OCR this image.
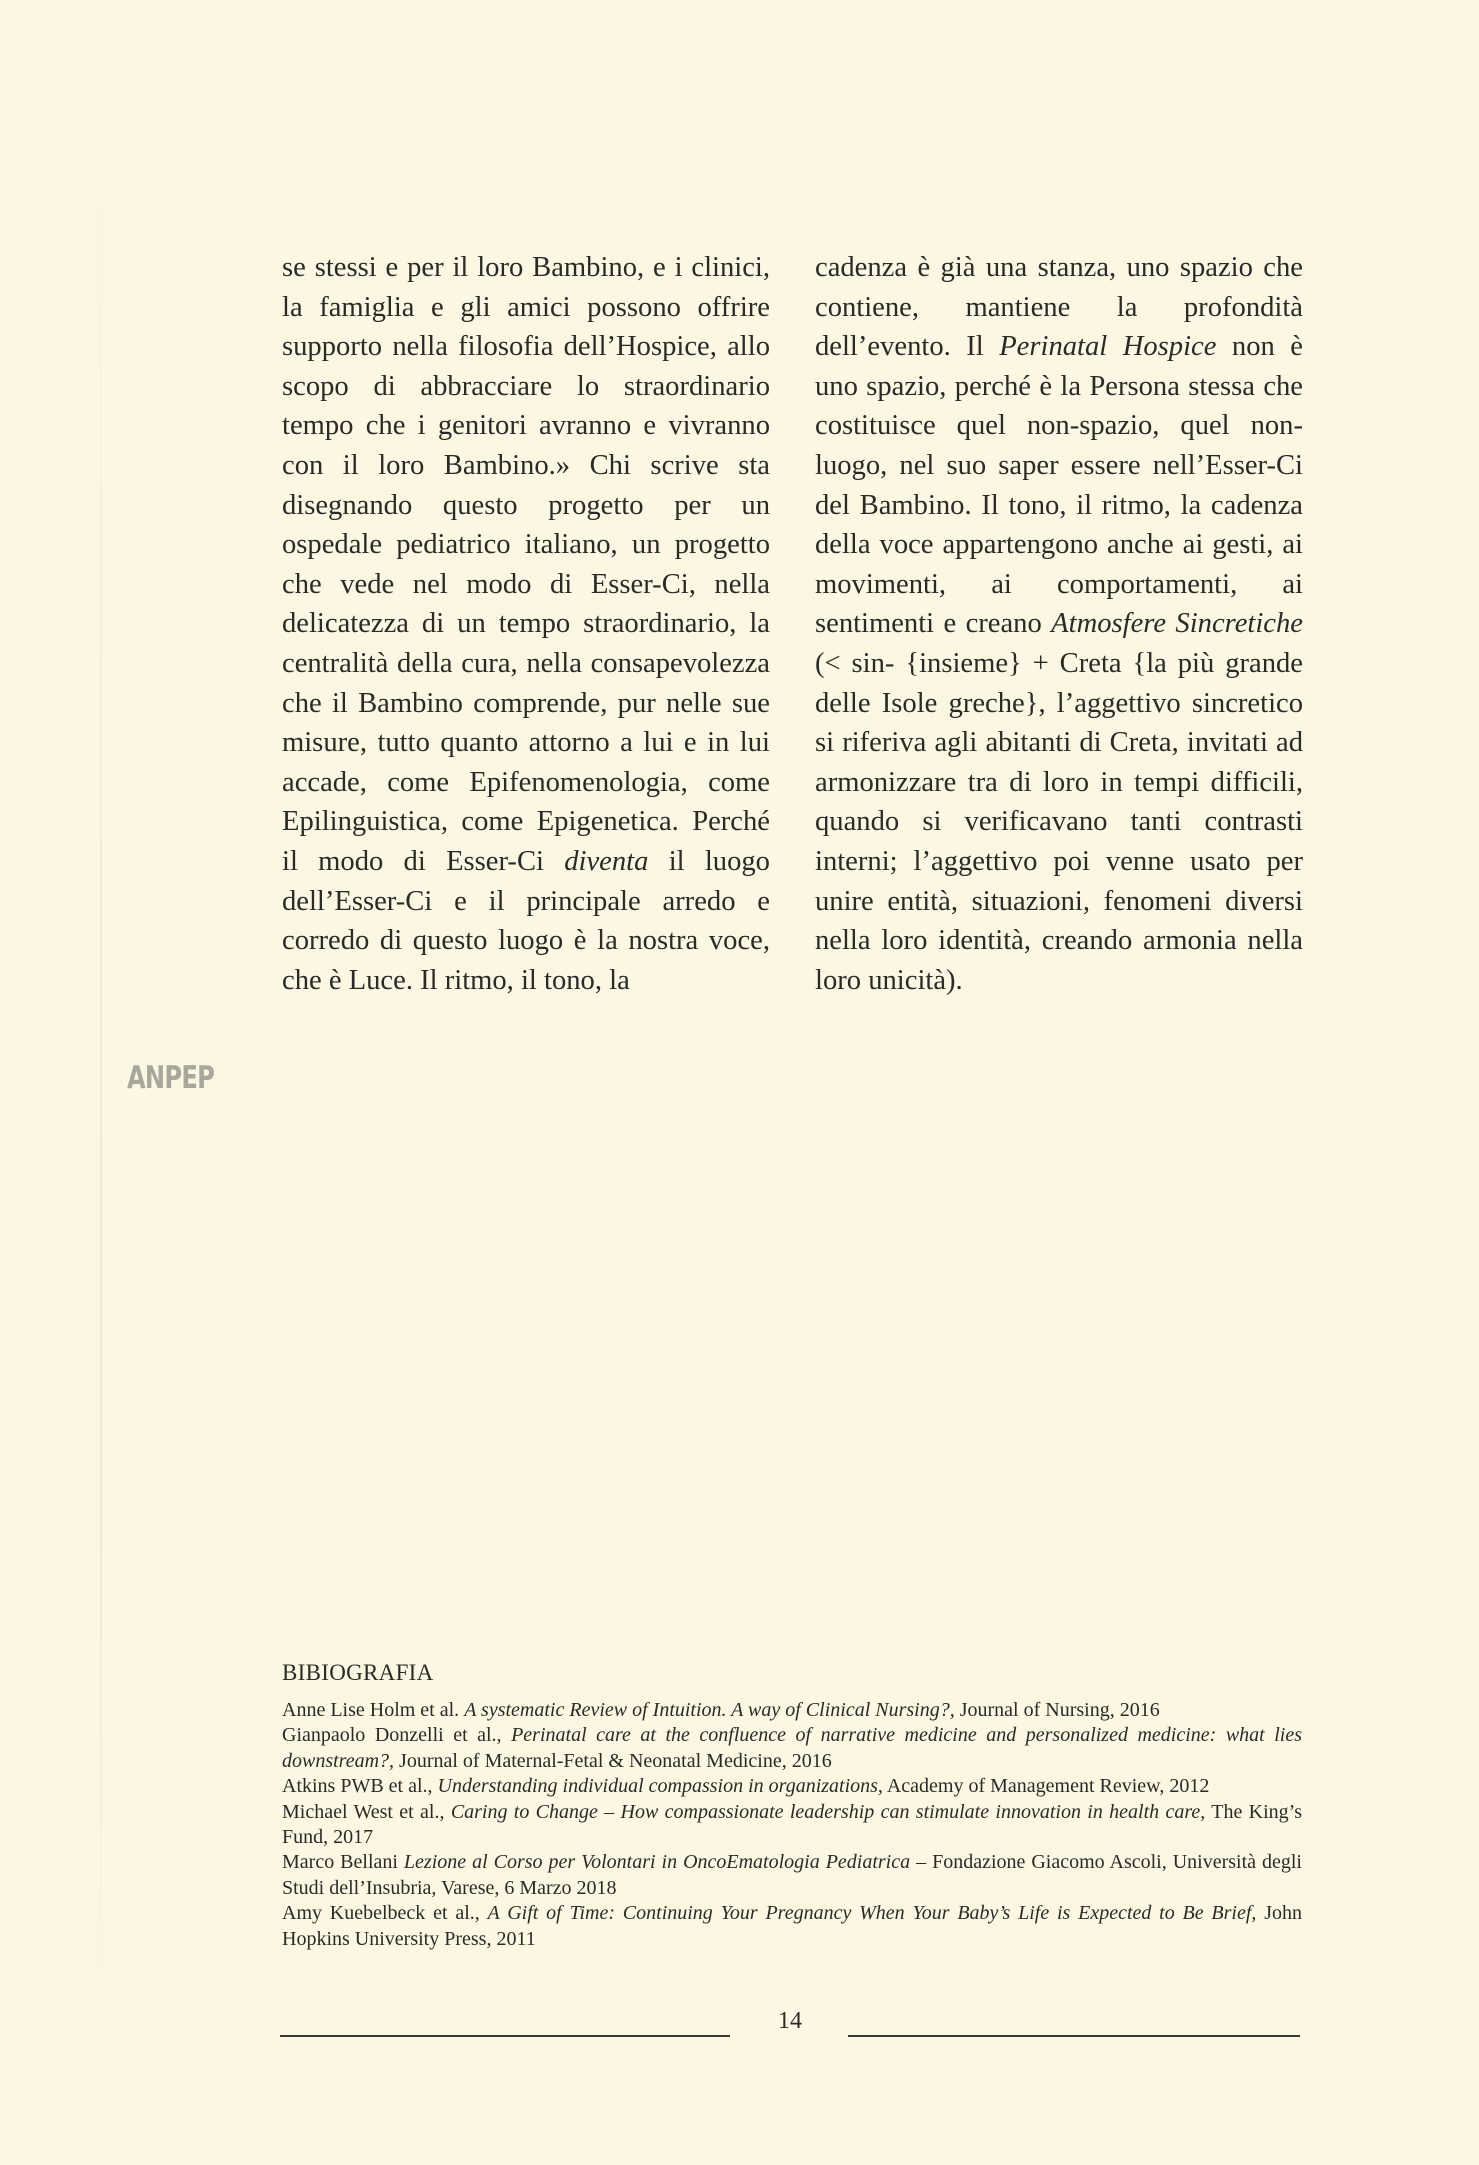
se stessi e per il loro Bambino, e i clinici, la famiglia e gli amici possono offrire supporto nella filosofia dell’Hospice, allo scopo di abbracciare lo straordinario tempo che i genitori avranno e vivranno con il loro Bambino.» Chi scrive sta disegnando questo progetto per un ospedale pediatrico italiano, un progetto che vede nel modo di Esser-Ci, nella delicatezza di un tempo straordinario, la centralità della cura, nella consapevolezza che il Bambino comprende, pur nelle sue misure, tutto quanto attorno a lui e in lui accade, come Epifenomenologia, come Epilinguistica, come Epigenetica. Perché il modo di Esser-Ci diventa il luogo dell’Esser-Ci e il principale arredo e corredo di questo luogo è la nostra voce, che è Luce. Il ritmo, il tono, la

cadenza è già una stanza, uno spazio che contiene, mantiene la profondità dell’evento. Il Perinatal Hospice non è uno spazio, perché è la Persona stessa che costituisce quel non-spazio, quel non-luogo, nel suo saper essere nell’Esser-Ci del Bambino. Il tono, il ritmo, la cadenza della voce appartengono anche ai gesti, ai movimenti, ai comportamenti, ai sentimenti e creano Atmosfere Sincretiche (< sin- {insieme} + Creta {la più grande delle Isole greche}, l’aggettivo sincretico si riferiva agli abitanti di Creta, invitati ad armonizzare tra di loro in tempi difficili, quando si verificavano tanti contrasti interni; l’aggettivo poi venne usato per unire entità, situazioni, fenomeni diversi nella loro identità, creando armonia nella loro unicità).

ANPEP
BIBIOGRAFIA

Anne Lise Holm et al. A systematic Review of Intuition. A way of Clinical Nursing?, Journal of Nursing, 2016

Gianpaolo Donzelli et al., Perinatal care at the confluence of narrative medicine and personalized medicine: what lies downstream?, Journal of Maternal-Fetal & Neonatal Medicine, 2016

Atkins PWB et al., Understanding individual compassion in organizations, Academy of Management Review, 2012

Michael West et al., Caring to Change – How compassionate leadership can stimulate innovation in health care, The King’s Fund, 2017

Marco Bellani Lezione al Corso per Volontari in OncoEmatologia Pediatrica – Fondazione Giacomo Ascoli, Università degli Studi dell’Insubria, Varese, 6 Marzo 2018

Amy Kuebelbeck et al., A Gift of Time: Continuing Your Pregnancy When Your Baby’s Life is Expected to Be Brief, John Hopkins University Press, 2011

14
